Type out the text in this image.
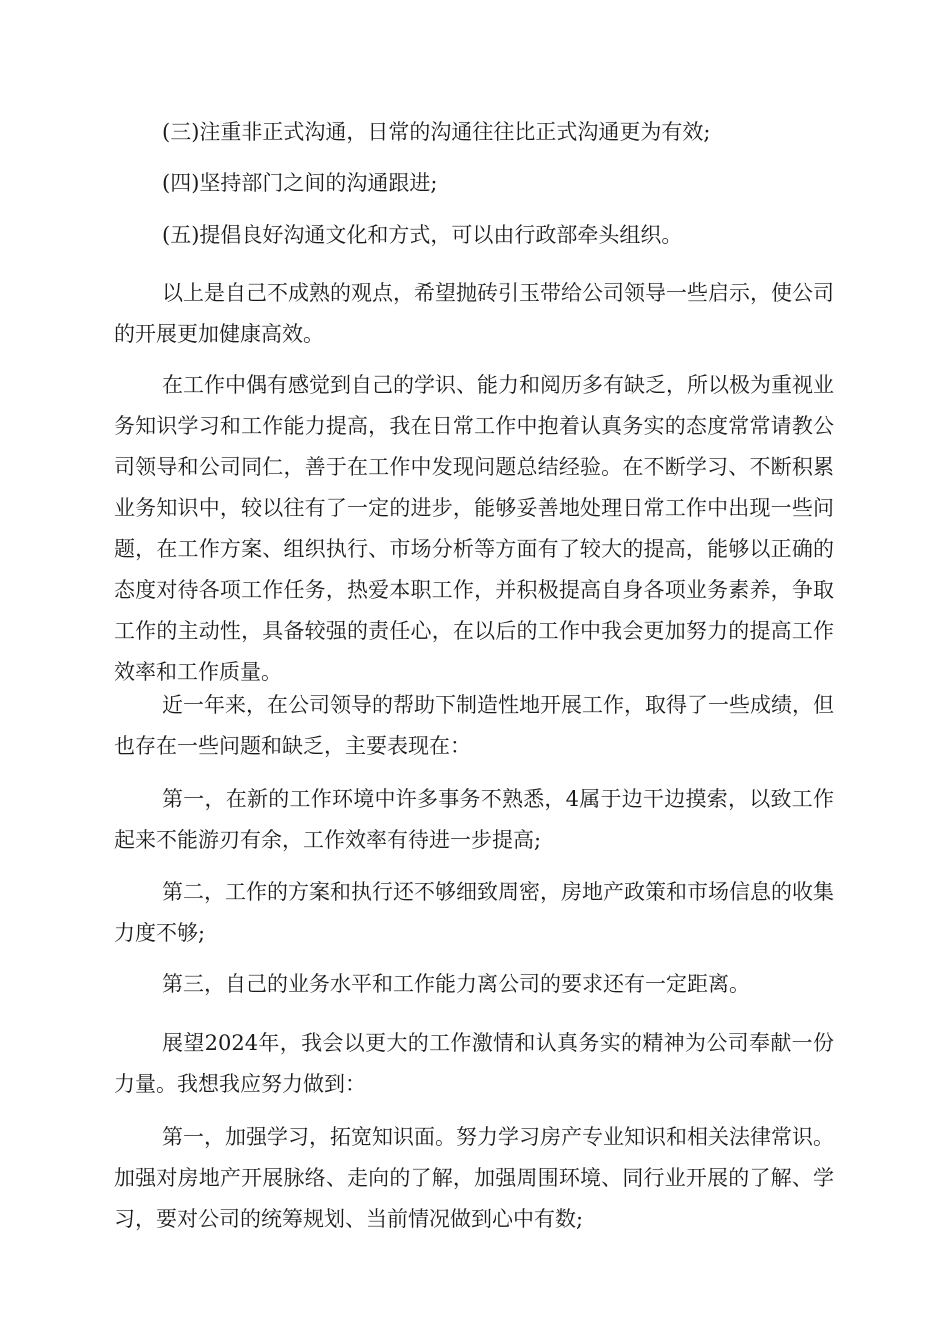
(三)注重非正式沟通，日常的沟通往往比正式沟通更为有效;

(四)坚持部门之间的沟通跟进;

(五)提倡良好沟通文化和方式，可以由行政部牵头组织。

以上是自己不成熟的观点，希望抛砖引玉带给公司领导一些启示，使公司的开展更加健康高效。

在工作中偶有感觉到自己的学识、能力和阅历多有缺乏，所以极为重视业务知识学习和工作能力提高，我在日常工作中抱着认真务实的态度常常请教公司领导和公司同仁，善于在工作中发现问题总结经验。在不断学习、不断积累业务知识中，较以往有了一定的进步，能够妥善地处理日常工作中出现一些问题，在工作方案、组织执行、市场分析等方面有了较大的提高，能够以正确的态度对待各项工作任务，热爱本职工作，并积极提高自身各项业务素养，争取工作的主动性，具备较强的责任心，在以后的工作中我会更加努力的提高工作效率和工作质量。

近一年来，在公司领导的帮助下制造性地开展工作，取得了一些成绩，但也存在一些问题和缺乏，主要表现在：

第一，在新的工作环境中许多事务不熟悉，4属于边干边摸索，以致工作起来不能游刃有余，工作效率有待进一步提高;

第二，工作的方案和执行还不够细致周密，房地产政策和市场信息的收集力度不够;

第三，自己的业务水平和工作能力离公司的要求还有一定距离。

展望2024年，我会以更大的工作激情和认真务实的精神为公司奉献一份力量。我想我应努力做到：

第一，加强学习，拓宽知识面。努力学习房产专业知识和相关法律常识。加强对房地产开展脉络、走向的了解，加强周围环境、同行业开展的了解、学习，要对公司的统筹规划、当前情况做到心中有数;
